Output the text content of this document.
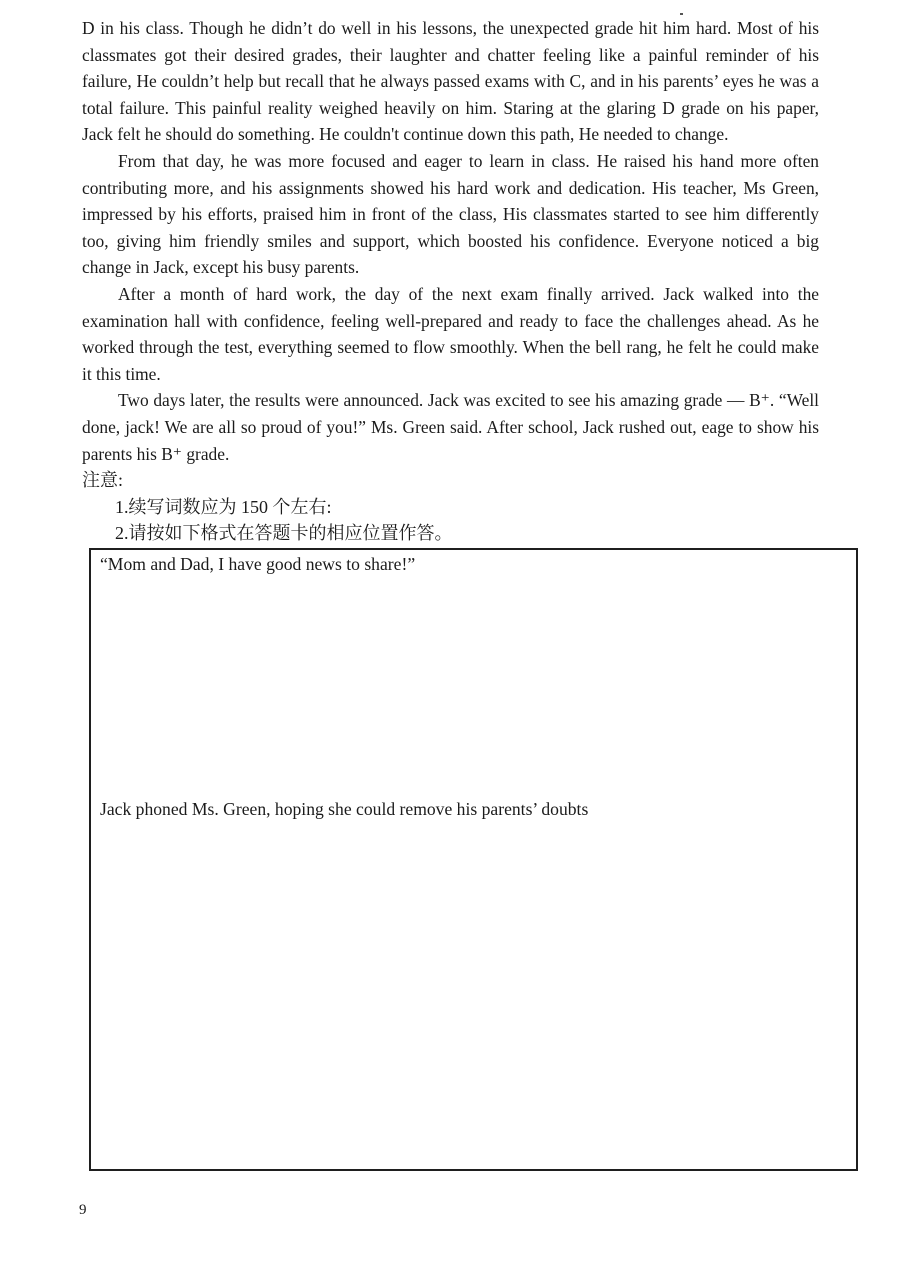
D in his class. Though he didn’t do well in his lessons, the unexpected grade hit him hard. Most of his classmates got their desired grades, their laughter and chatter feeling like a painful reminder of his failure, He couldn’t help but recall that he always passed exams with C, and in his parents’ eyes he was a total failure. This painful reality weighed heavily on him. Staring at the glaring D grade on his paper, Jack felt he should do something. He couldn't continue down this path, He needed to change.

From that day, he was more focused and eager to learn in class. He raised his hand more often contributing more, and his assignments showed his hard work and dedication. His teacher, Ms Green, impressed by his efforts, praised him in front of the class, His classmates started to see him differently too, giving him friendly smiles and support, which boosted his confidence. Everyone noticed a big change in Jack, except his busy parents.

After a month of hard work, the day of the next exam finally arrived. Jack walked into the examination hall with confidence, feeling well-prepared and ready to face the challenges ahead. As he worked through the test, everything seemed to flow smoothly. When the bell rang, he felt he could make it this time.

Two days later, the results were announced. Jack was excited to see his amazing grade — B⁺. “Well done, jack! We are all so proud of you!” Ms. Green said. After school, Jack rushed out, eage to show his parents his B⁺ grade.

注意:

1.续写词数应为 150 个左右:

2.请按如下格式在答题卡的相应位置作答。

“Mom and Dad, I have good news to share!”
Jack phoned Ms. Green, hoping she could remove his parents’ doubts
9
